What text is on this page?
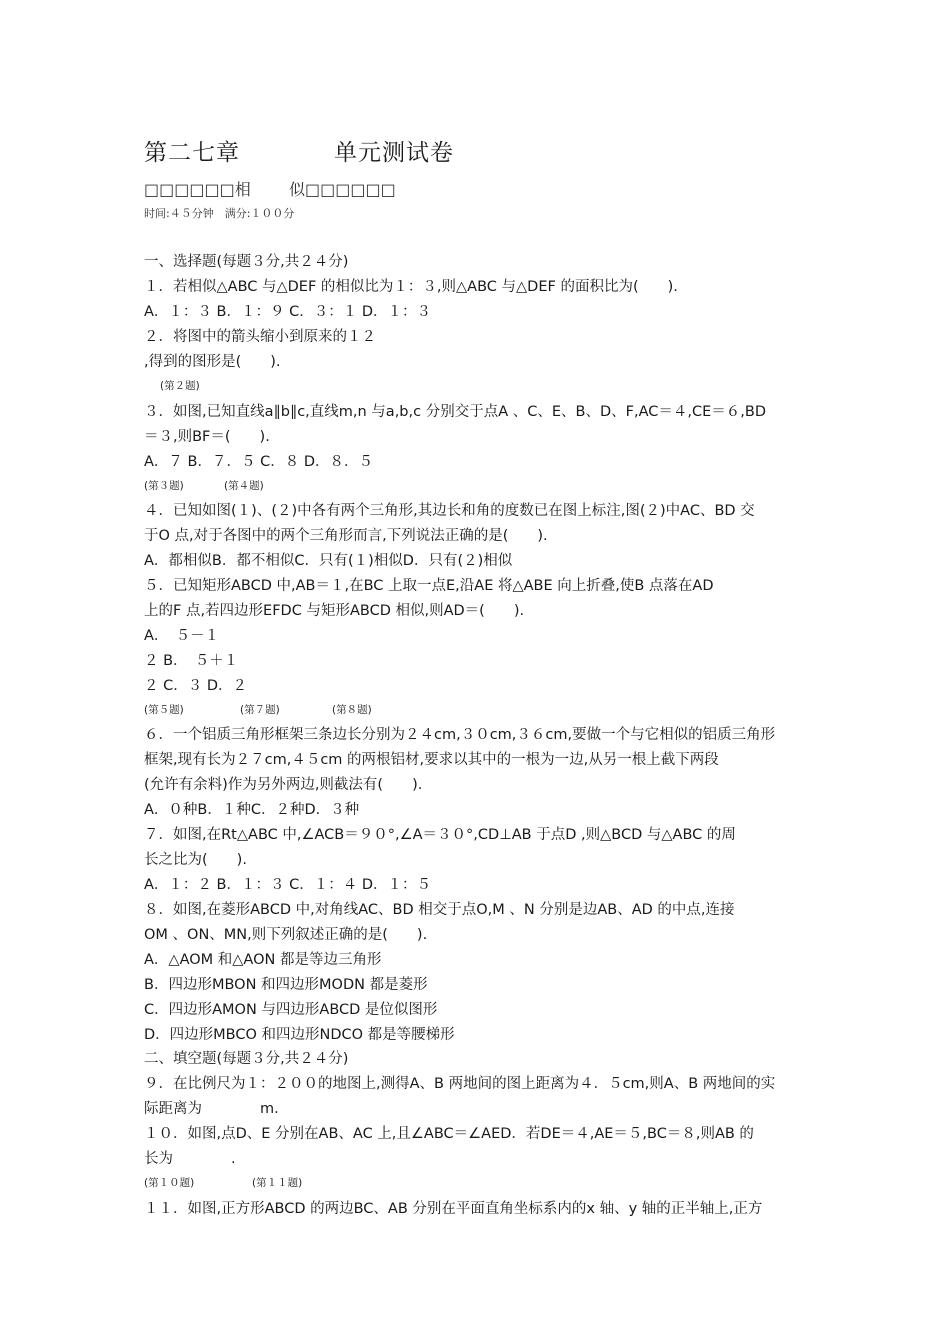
第二七章	单元测试卷
□□□□□□相 似□□□□□□
时间:４５分钟　满分:１００分
一、选择题(每题３分,共２４分)
１．若相似△ABC 与△DEF 的相似比为１：３,则△ABC 与△DEF 的面积比为(　　).
A．１：３ B．１：９ C．３：１ D．１：３
２．将图中的箭头缩小到原来的１２
,得到的图形是(　　).
(第２题)
３．如图,已知直线a∥b∥c,直线m,n 与a,b,c 分别交于点A 、C、E、B、D、F,AC＝４,CE＝６,BD
＝３,则BF＝(　　).
A．７ B．７．５ C．８ D．８．５
(第３题)	(第４题)
４．已知如图(１)、(２)中各有两个三角形,其边长和角的度数已在图上标注,图(２)中AC、BD 交
于O 点,对于各图中的两个三角形而言,下列说法正确的是(　　).
A．都相似B．都不相似C．只有(１)相似D．只有(２)相似
５．已知矩形ABCD 中,AB＝１,在BC 上取一点E,沿AE 将△ABE 向上折叠,使B 点落在AD
上的F 点,若四边形EFDC 与矩形ABCD 相似,则AD＝(　　).
A．　５－１
２ B．　５＋１
２ C．３ D．２
(第５题)	(第７题)	(第８题)
６．一个铝质三角形框架三条边长分别为２４cm,３０cm,３６cm,要做一个与它相似的铝质三角形
框架,现有长为２７cm,４５cm 的两根铝材,要求以其中的一根为一边,从另一根上截下两段
(允许有余料)作为另外两边,则截法有(　　).
A．０种B．１种C．２种D．３种
７．如图,在Rt△ABC 中,∠ACB＝９０°,∠A＝３０°,CD⊥AB 于点D ,则△BCD 与△ABC 的周
长之比为(　　).
A．１：２ B．１：３ C．１：４ D．１：５
８．如图,在菱形ABCD 中,对角线AC、BD 相交于点O,M 、N 分别是边AB、AD 的中点,连接
OM 、ON、MN,则下列叙述正确的是(　　).
A．△AOM 和△AON 都是等边三角形
B．四边形MBON 和四边形MODN 都是菱形
C．四边形AMON 与四边形ABCD 是位似图形
D．四边形MBCO 和四边形NDCO 都是等腰梯形
二、填空题(每题３分,共２４分)
９．在比例尺为１：２００的地图上,测得A、B 两地间的图上距离为４．５cm,则A、B 两地间的实
际距离为　　　　m．
１０．如图,点D、E 分别在AB、AC 上,且∠ABC＝∠AED．若DE＝４,AE＝５,BC＝８,则AB 的
长为　　　　.
(第１０题)	(第１１题)
１１．如图,正方形ABCD 的两边BC、AB 分别在平面直角坐标系内的x 轴、y 轴的正半轴上,正方
